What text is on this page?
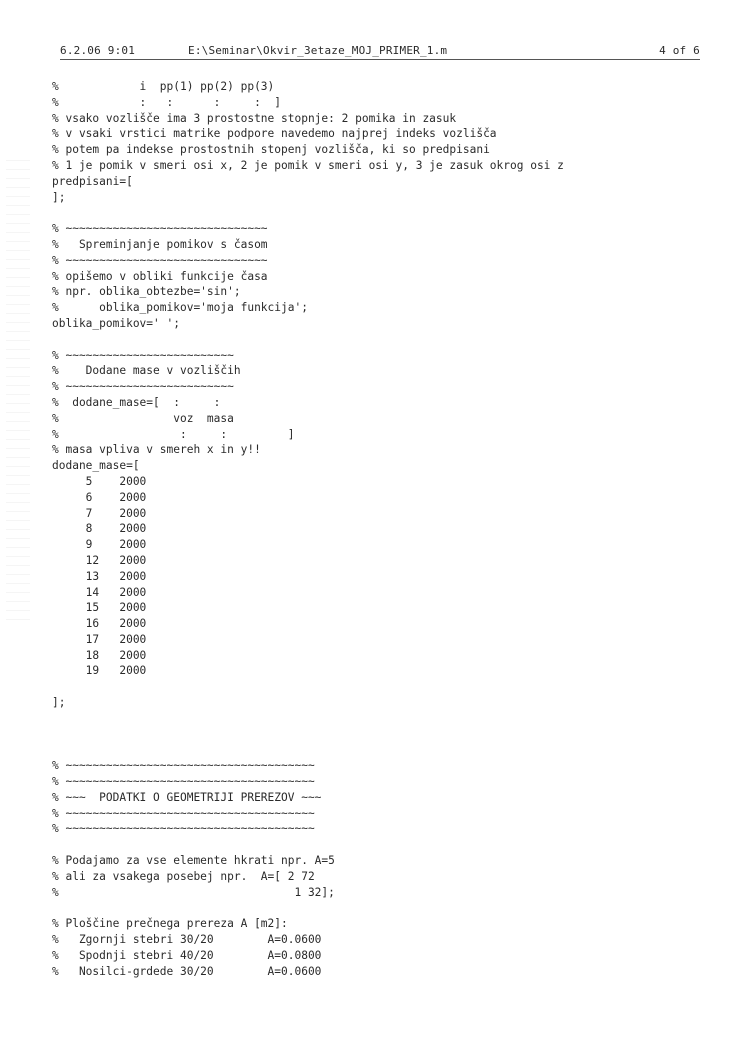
6.2.06 9:01	E:\Seminar\Okvir_3etaze_MOJ_PRIMER_1.m	4 of 6
%            i  pp(1) pp(2) pp(3)
%            :   :      :     :  ]
% vsako vozlišče ima 3 prostostne stopnje: 2 pomika in zasuk
% v vsaki vrstici matrike podpore navedemo najprej indeks vozlišča
% potem pa indekse prostostnih stopenj vozlišča, ki so predpisani
% 1 je pomik v smeri osi x, 2 je pomik v smeri osi y, 3 je zasuk okrog osi z
predpisani=[
];
% ~~~~~~~~~~~~~~~~~~~~~~~~~~~~~~
%   Spreminjanje pomikov s časom
% ~~~~~~~~~~~~~~~~~~~~~~~~~~~~~~
% opišemo v obliki funkcije časa
% npr. oblika_obtezbe='sin';
%      oblika_pomikov='moja funkcija';
oblika_pomikov=' ';
% ~~~~~~~~~~~~~~~~~~~~~~~~~
%    Dodane mase v vozliščih
% ~~~~~~~~~~~~~~~~~~~~~~~~~
%  dodane_mase=[  :     :
%                 voz  masa
%                  :     :         ]
% masa vpliva v smereh x in y!!
dodane_mase=[
5    2000
6    2000
7    2000
8    2000
9    2000
12   2000
13   2000
14   2000
15   2000
16   2000
17   2000
18   2000
19   2000
];
% ~~~~~~~~~~~~~~~~~~~~~~~~~~~~~~~~~~~~~
% ~~~~~~~~~~~~~~~~~~~~~~~~~~~~~~~~~~~~~
% ~~~  PODATKI O GEOMETRIJI PREREZOV ~~~
% ~~~~~~~~~~~~~~~~~~~~~~~~~~~~~~~~~~~~~
% ~~~~~~~~~~~~~~~~~~~~~~~~~~~~~~~~~~~~~
% Podajamo za vse elemente hkrati npr. A=5
% ali za vsakega posebej npr.  A=[ 2 72
%                                   1 32];
% Ploščine prečnega prereza A [m2]:
%   Zgornji stebri 30/20        A=0.0600
%   Spodnji stebri 40/20        A=0.0800
%   Nosilci-grdede 30/20        A=0.0600
